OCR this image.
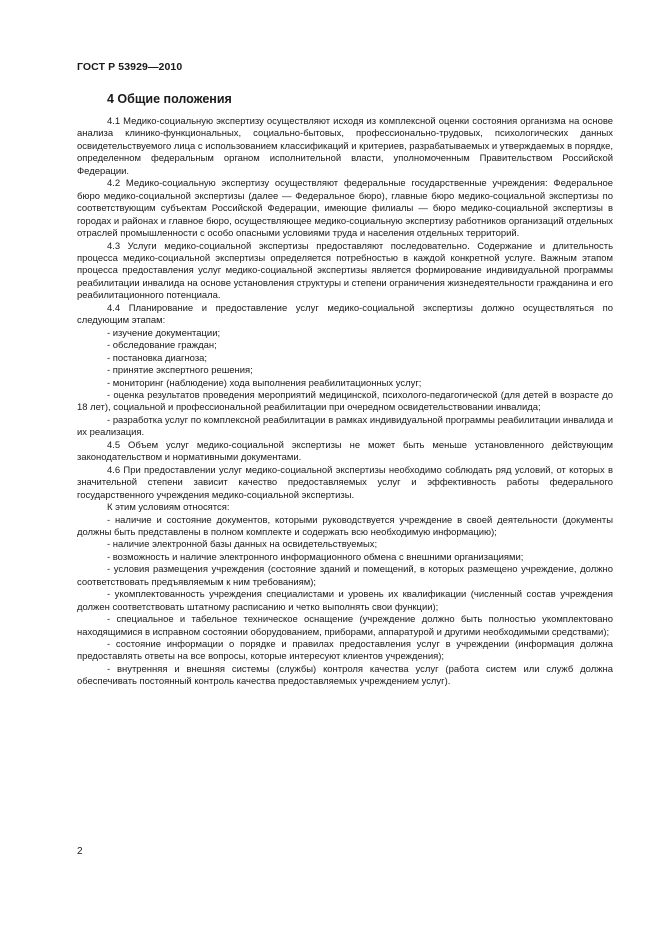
ГОСТ Р 53929—2010
4 Общие положения

4.1 Медико-социальную экспертизу осуществляют исходя из комплексной оценки состояния организма на основе анализа клинико-функциональных, социально-бытовых, профессионально-трудовых, психологических данных освидетельствуемого лица с использованием классификаций и критериев, разрабатываемых и утверждаемых в порядке, определенном федеральным органом исполнительной власти, уполномоченным Правительством Российской Федерации.

4.2 Медико-социальную экспертизу осуществляют федеральные государственные учреждения: Федеральное бюро медико-социальной экспертизы (далее — Федеральное бюро), главные бюро медико-социальной экспертизы по соответствующим субъектам Российской Федерации, имеющие филиалы — бюро медико-социальной экспертизы в городах и районах и главное бюро, осуществляющее медико-социальную экспертизу работников организаций отдельных отраслей промышленности с особо опасными условиями труда и населения отдельных территорий.

4.3 Услуги медико-социальной экспертизы предоставляют последовательно. Содержание и длительность процесса медико-социальной экспертизы определяется потребностью в каждой конкретной услуге. Важным этапом процесса предоставления услуг медико-социальной экспертизы является формирование индивидуальной программы реабилитации инвалида на основе установления структуры и степени ограничения жизнедеятельности гражданина и его реабилитационного потенциала.

4.4 Планирование и предоставление услуг медико-социальной экспертизы должно осуществляться по следующим этапам:

- изучение документации;

- обследование граждан;

- постановка диагноза;

- принятие экспертного решения;

- мониторинг (наблюдение) хода выполнения реабилитационных услуг;

- оценка результатов проведения мероприятий медицинской, психолого-педагогической (для детей в возрасте до 18 лет), социальной и профессиональной реабилитации при очередном освидетельствовании инвалида;

- разработка услуг по комплексной реабилитации в рамках индивидуальной программы реабилитации инвалида и их реализация.

4.5 Объем услуг медико-социальной экспертизы не может быть меньше установленного действующим законодательством и нормативными документами.

4.6 При предоставлении услуг медико-социальной экспертизы необходимо соблюдать ряд условий, от которых в значительной степени зависит качество предоставляемых услуг и эффективность работы федерального государственного учреждения медико-социальной экспертизы.

К этим условиям относятся:

- наличие и состояние документов, которыми руководствуется учреждение в своей деятельности (документы должны быть представлены в полном комплекте и содержать всю необходимую информацию);

- наличие электронной базы данных на освидетельствуемых;

- возможность и наличие электронного информационного обмена с внешними организациями;

- условия размещения учреждения (состояние зданий и помещений, в которых размещено учреждение, должно соответствовать предъявляемым к ним требованиям);

- укомплектованность учреждения специалистами и уровень их квалификации (численный состав учреждения должен соответствовать штатному расписанию и четко выполнять свои функции);

- специальное и табельное техническое оснащение (учреждение должно быть полностью укомплектовано находящимися в исправном состоянии оборудованием, приборами, аппаратурой и другими необходимыми средствами);

- состояние информации о порядке и правилах предоставления услуг в учреждении (информация должна предоставлять ответы на все вопросы, которые интересуют клиентов учреждения);

- внутренняя и внешняя системы (службы) контроля качества услуг (работа систем или служб должна обеспечивать постоянный контроль качества предоставляемых учреждением услуг).

2
